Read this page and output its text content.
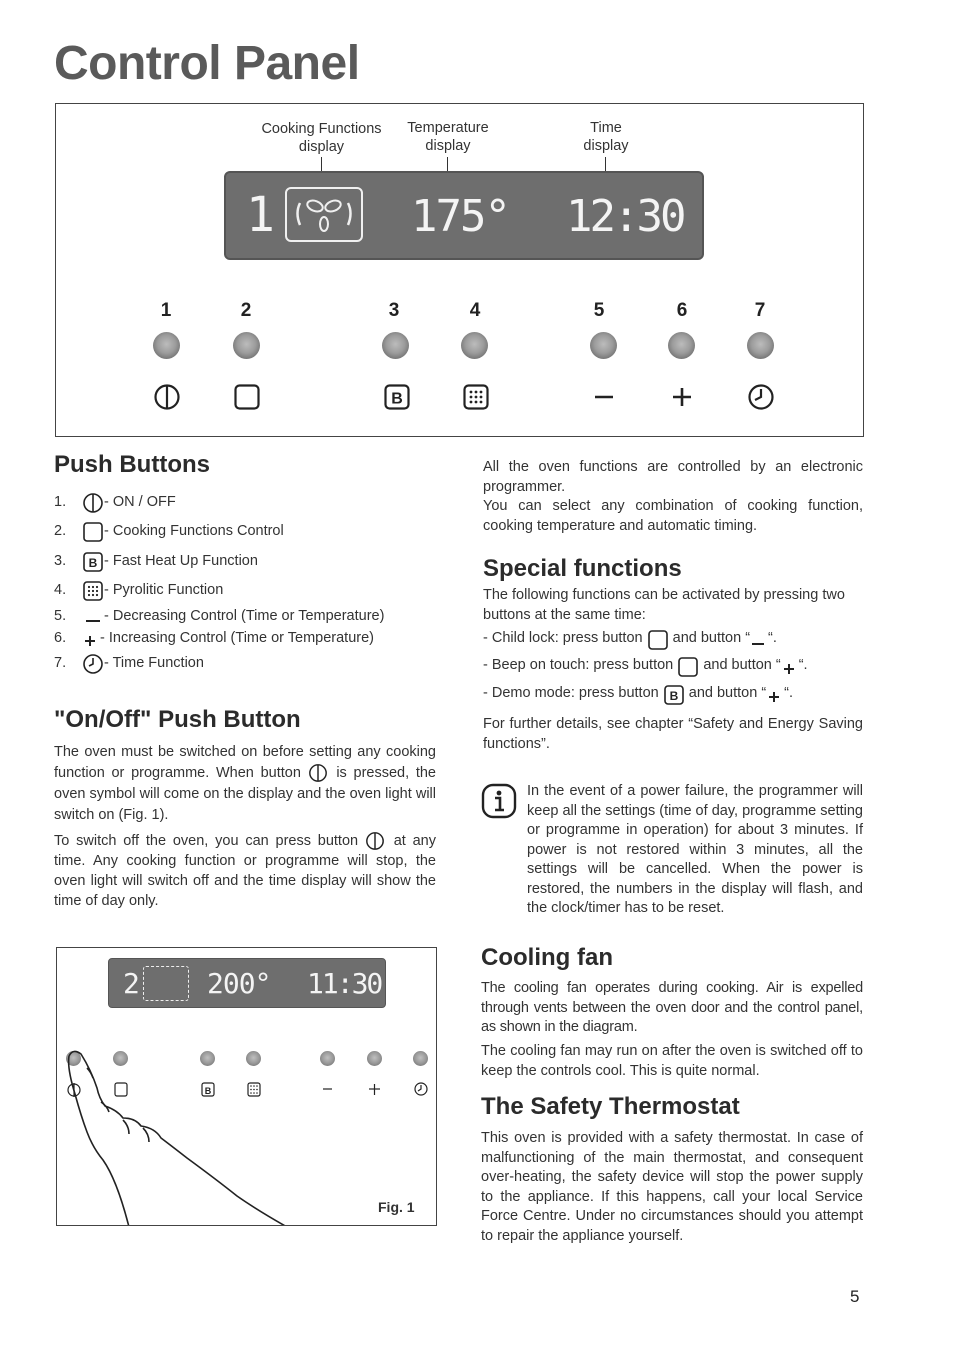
Control Panel
Cooking Functions
display
Temperature
display
Time
display
1	175° 12:30
1	2	3	4	5	6	7
B
Push Buttons
1.	- ON / OFF
2.	- Cooking Functions Control
3.	B - Fast Heat Up Function
4.	- Pyrolitic Function
5.	- Decreasing Control (Time or Temperature)
6.	- Increasing Control (Time or Temperature)
7.	- Time Function
"On/Off" Push Button
The oven must be switched on before setting any cooking function or programme. When button is pressed, the oven symbol will come on the display and the oven light will switch on (Fig. 1).
To switch off the oven, you can press button at any time. Any cooking function or programme will stop, the oven light will switch off and the time display will show the time of day only.
2 200° 11:30
B
Fig. 1
All the oven functions are controlled by an electronic programmer.
You can select any combination of cooking function, cooking temperature and automatic timing.
Special functions
The following functions can be activated by pressing two buttons at the same time:
- Child lock: press button

and button “ “.
- Beep on touch: press button

and button “ “.
- Demo mode: press button
B
and button “ “.
For further details, see chapter “Safety and Energy Saving functions”.
In the event of a power failure, the programmer will keep all the settings (time of day, programme setting or programme in operation) for about 3 minutes. If power is not restored within 3 minutes, all the settings will be cancelled. When the power is restored, the numbers in the display will flash, and the clock/timer has to be reset.
Cooling fan
The cooling fan operates during cooking. Air is expelled through vents between the oven door and the control panel, as shown in the diagram.
The cooling fan may run on after the oven is switched off to keep the controls cool. This is quite normal.
The Safety Thermostat
This oven is provided with a safety thermostat. In case of malfunctioning of the main thermostat, and consequent over-heating, the safety device will stop the power supply to the appliance. If this happens, call your local Service Force Centre. Under no circumstances should you attempt to repair the appliance yourself.
5
